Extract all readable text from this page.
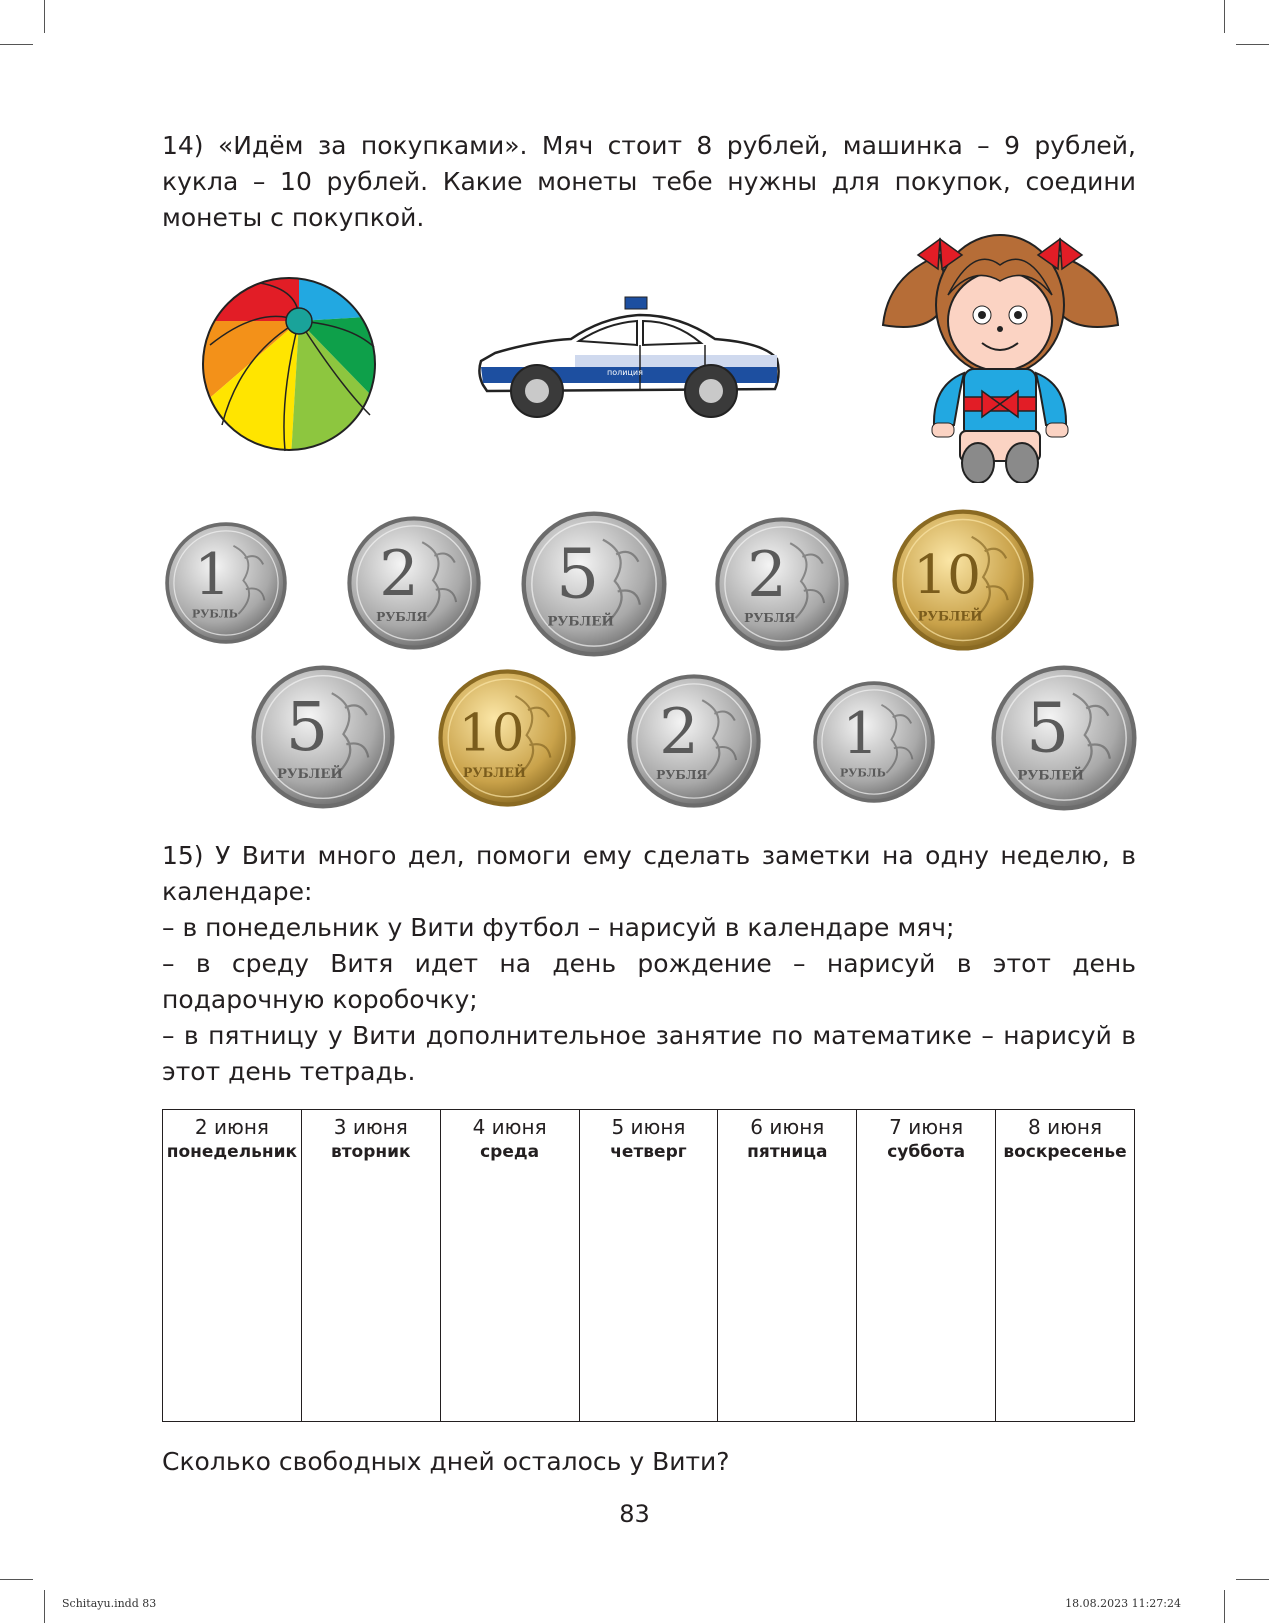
14) «Идём за покупками». Мяч стоит 8 рублей, машинка – 9 рублей, кукла – 10 рублей. Какие монеты тебе нужны для покупок, соедини монеты с покупкой.

полиция
1
РУБЛЬ
2
РУБЛЯ
5
РУБЛЕЙ
2
РУБЛЯ
10
РУБЛЕЙ
5
РУБЛЕЙ
10
РУБЛЕЙ
2
РУБЛЯ
1
РУБЛЬ
5
РУБЛЕЙ

15) У Вити много дел, помоги ему сделать заметки на одну неделю, в календаре:

– в понедельник у Вити футбол – нарисуй в календаре мяч;

– в среду Витя идет на день рождение – нарисуй в этот день подарочную коробочку;

– в пятницу у Вити дополнительное занятие по математике – нарисуй в этот день тетрадь.

2 июня
понедельник

3 июня
вторник

4 июня
среда

5 июня
четверг

6 июня
пятница

7 июня
суббота

8 июня
воскресенье

Сколько свободных дней осталось у Вити?

83
Schitayu.indd 83	18.08.2023 11:27:24
